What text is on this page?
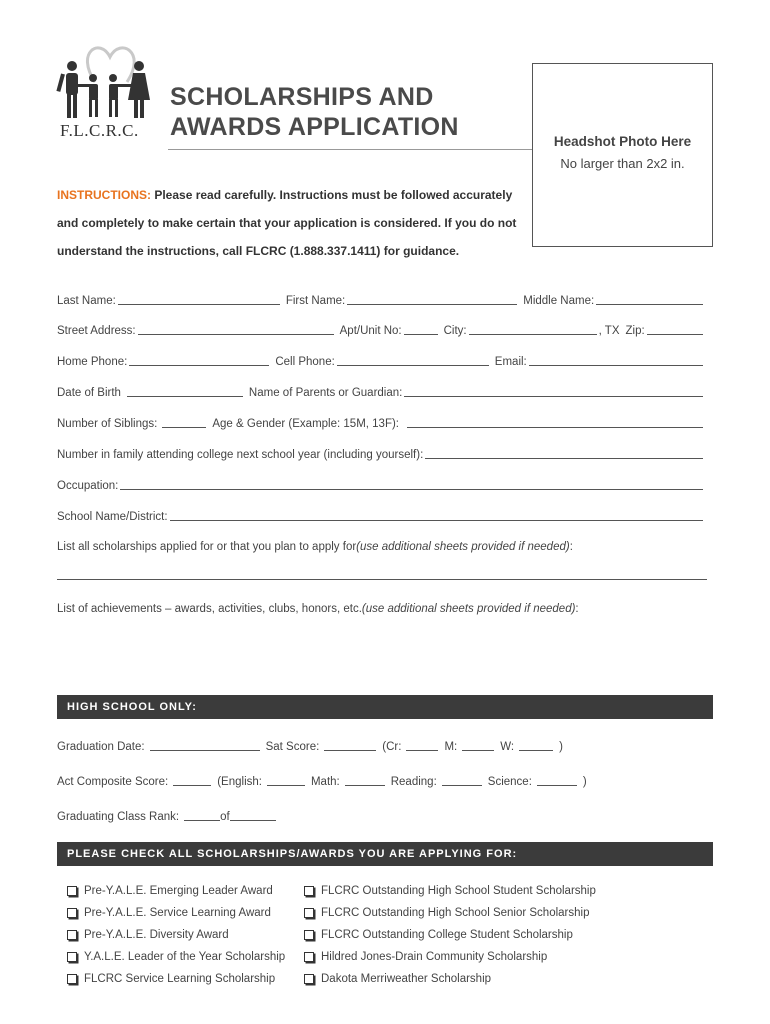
F.L.C.R.C.
SCHOLARSHIPS AND
AWARDS APPLICATION
Headshot Photo Here
No larger than 2x2 in.
INSTRUCTIONS: Please read carefully. Instructions must be followed accurately and completely to make certain that your application is considered. If you do not understand the instructions, call FLCRC (1.888.337.1411) for guidance.
Last Name:	First Name:	Middle Name:
Street Address:	Apt/Unit No:	City:	, TX Zip:
Home Phone:	Cell Phone:	Email:
Date of Birth	Name of Parents or Guardian:
Number of Siblings:	Age & Gender (Example: 15M, 13F):
Number in family attending college next school year (including yourself):
Occupation:
School Name/District:
List all scholarships applied for or that you plan to apply for (use additional sheets provided if needed) :
List of achievements – awards, activities, clubs, honors, etc. (use additional sheets provided if needed) :
HIGH SCHOOL ONLY:
Graduation Date:	Sat Score:	(Cr:	M:	W:	)
Act Composite Score:	(English:	Math:	Reading:	Science:	)
Graduating Class Rank:	of
PLEASE CHECK ALL SCHOLARSHIPS/AWARDS YOU ARE APPLYING FOR:
Pre-Y.A.L.E. Emerging Leader Award
Pre-Y.A.L.E. Service Learning Award
Pre-Y.A.L.E. Diversity Award
Y.A.L.E. Leader of the Year Scholarship
FLCRC Service Learning Scholarship
FLCRC Outstanding High School Student Scholarship
FLCRC Outstanding High School Senior Scholarship
FLCRC Outstanding College Student Scholarship
Hildred Jones-Drain Community Scholarship
Dakota Merriweather Scholarship
